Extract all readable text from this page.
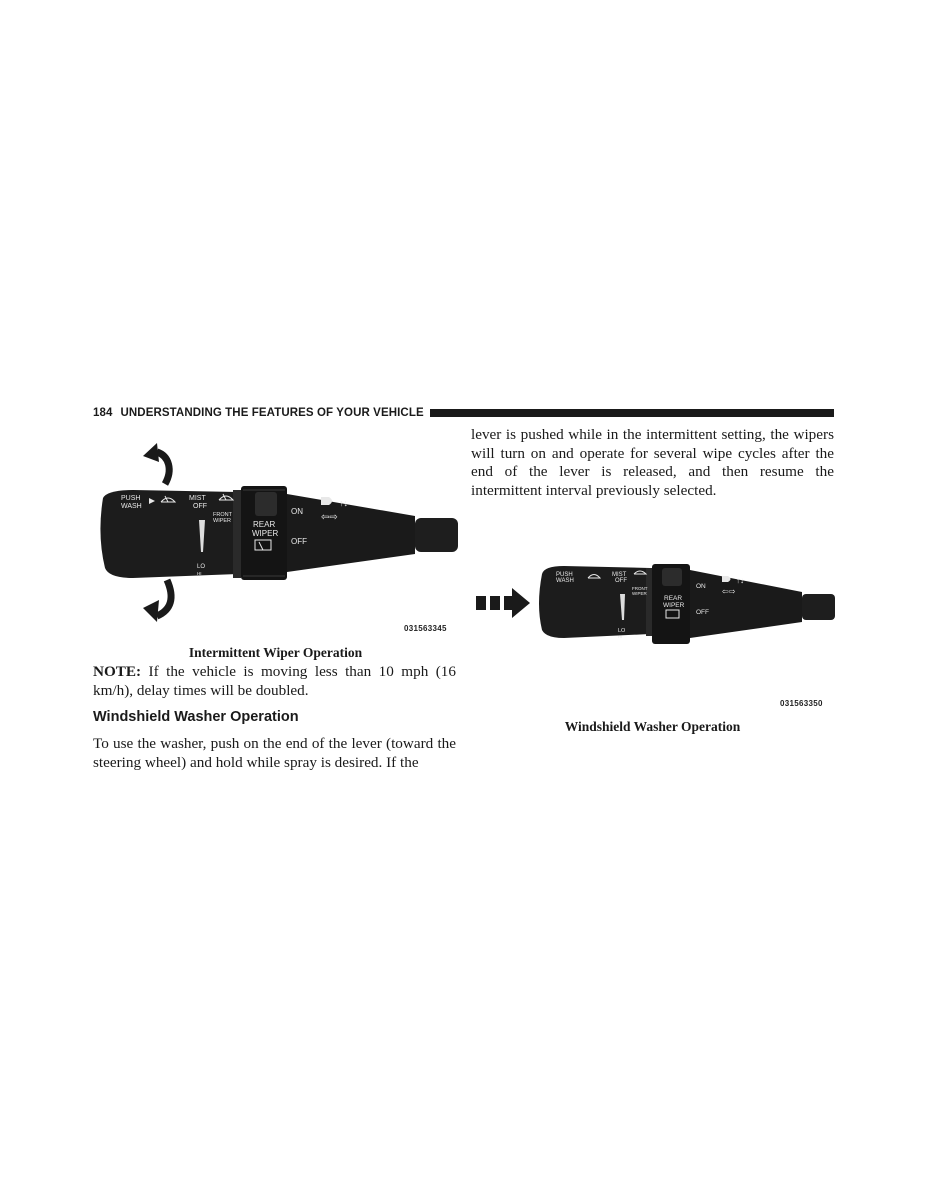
184 UNDERSTANDING THE FEATURES OF YOUR VEHICLE
PUSH
WASH
MIST
OFF
FRONT
WIPER	REAR
WIPER
ON
OFF
↑↓
⇦⇨
LO
HI
031563345
Intermittent Wiper Operation

NOTE: If the vehicle is moving less than 10 mph (16 km/h), delay times will be doubled.

Windshield Washer Operation

To use the washer, push on the end of the lever (toward the steering wheel) and hold while spray is desired. If the

lever is pushed while in the intermittent setting, the wipers will turn on and operate for several wipe cycles after the end of the lever is released, and then resume the intermittent interval previously selected.

PUSH
WASH
MIST
OFF
FRONT
WIPER
REAR
WIPER
ON
OFF
↑↓
⇦⇨
LO
HI
031563350
Windshield Washer Operation
